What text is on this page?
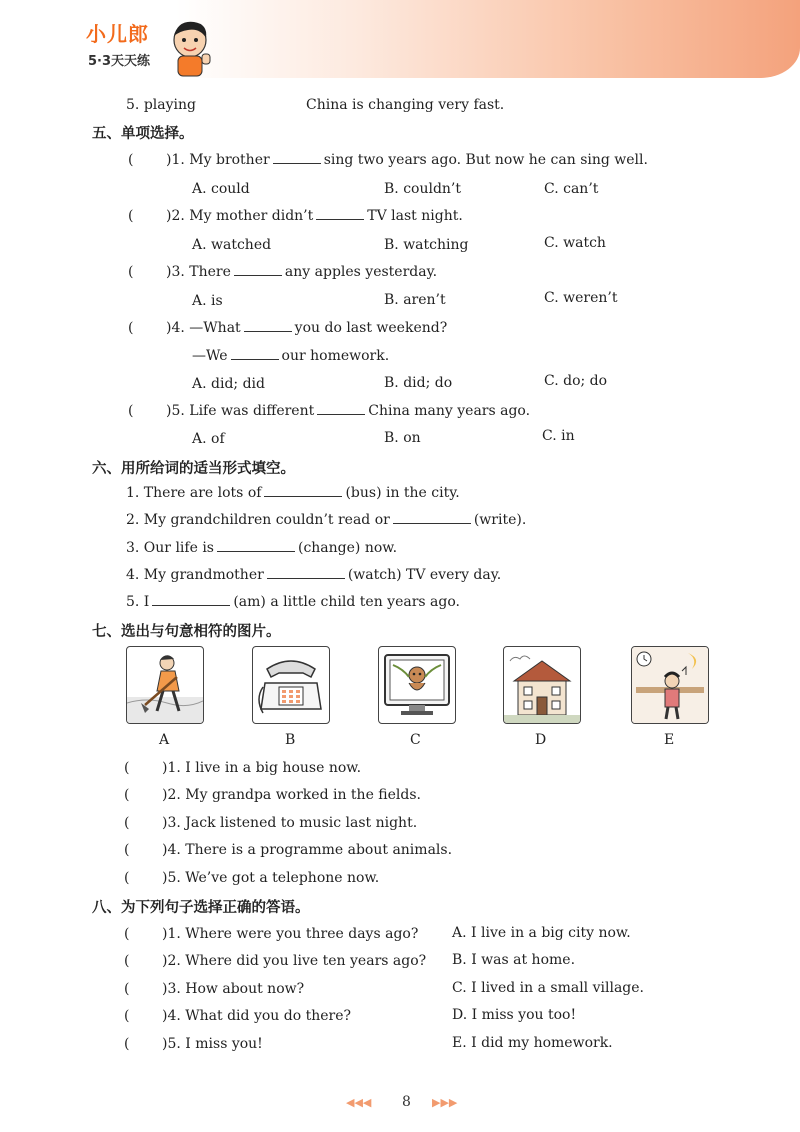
小儿郎
5·3天天练
5. playing	China is changing very fast.
五、单项选择。
( )1. My brother	sing two years ago. But now he can sing well.
A. could	B. couldn’t	C. can’t
( )2. My mother didn’t	TV last night.
A. watched	B. watching	C. watch
( )3. There	any apples yesterday.
A. is	B. aren’t	C. weren’t
( )4. —What	you do last weekend?
—We	our homework.
A. did; did	B. did; do	C. do; do
( )5. Life was different	China many years ago.
A. of	B. on	C. in
六、用所给词的适当形式填空。
1. There are lots of	(bus) in the city.
2. My grandchildren couldn’t read or	(write).
3. Our life is	(change) now.
4. My grandmother	(watch) TV every day.
5. I	(am) a little child ten years ago.
七、选出与句意相符的图片。
A	B	C	D	E
( )1. I live in a big house now.
( )2. My grandpa worked in the fields.
( )3. Jack listened to music last night.
( )4. There is a programme about animals.
( )5. We’ve got a telephone now.
八、为下列句子选择正确的答语。
( )1. Where were you three days ago? A. I live in a big city now.
( )2. Where did you live ten years ago? B. I was at home.
( )3. How about now?	C. I lived in a small village.
( )4. What did you do there?	D. I miss you too!
( )5. I miss you!	E. I did my homework.
◀◀◀ 8 ▶▶▶
